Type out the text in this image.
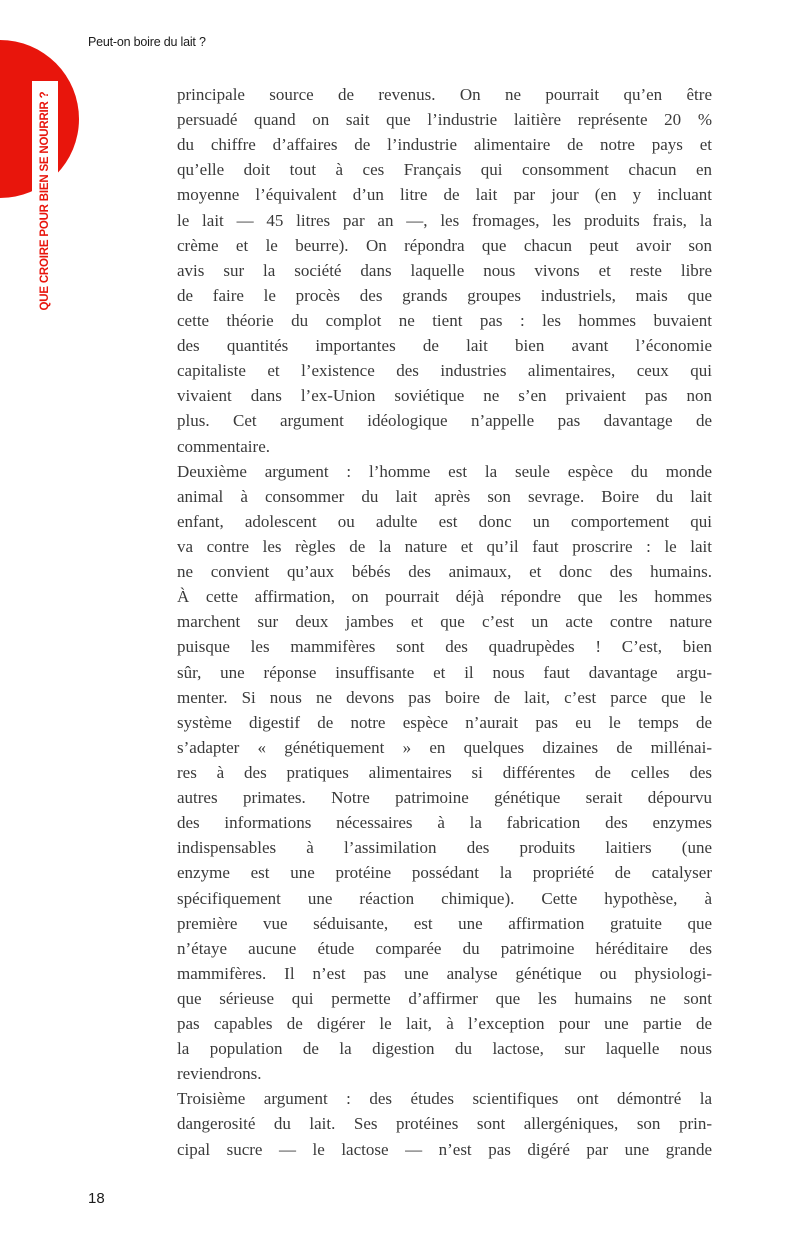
QUE CROIRE POUR BIEN SE NOURRIR ?
Peut-on boire du lait ?
principale source de revenus. On ne pourrait qu’en être
persuadé quand on sait que l’industrie laitière représente 20 %
du chiffre d’affaires de l’industrie alimentaire de notre pays et
qu’elle doit tout à ces Français qui consomment chacun en
moyenne l’équivalent d’un litre de lait par jour (en y incluant
le lait — 45 litres par an —, les fromages, les produits frais, la
crème et le beurre). On répondra que chacun peut avoir son
avis sur la société dans laquelle nous vivons et reste libre
de faire le procès des grands groupes industriels, mais que
cette théorie du complot ne tient pas : les hommes buvaient
des quantités importantes de lait bien avant l’économie
capitaliste et l’existence des industries alimentaires, ceux qui
vivaient dans l’ex-Union soviétique ne s’en privaient pas non
plus. Cet argument idéologique n’appelle pas davantage de
commentaire.
Deuxième argument : l’homme est la seule espèce du monde
animal à consommer du lait après son sevrage. Boire du lait
enfant, adolescent ou adulte est donc un comportement qui
va contre les règles de la nature et qu’il faut proscrire : le lait
ne convient qu’aux bébés des animaux, et donc des humains.
À cette affirmation, on pourrait déjà répondre que les hommes
marchent sur deux jambes et que c’est un acte contre nature
puisque les mammifères sont des quadrupèdes ! C’est, bien
sûr, une réponse insuffisante et il nous faut davantage argu-
menter. Si nous ne devons pas boire de lait, c’est parce que le
système digestif de notre espèce n’aurait pas eu le temps de
s’adapter « génétiquement » en quelques dizaines de millénai-
res à des pratiques alimentaires si différentes de celles des
autres primates. Notre patrimoine génétique serait dépourvu
des informations nécessaires à la fabrication des enzymes
indispensables à l’assimilation des produits laitiers (une
enzyme est une protéine possédant la propriété de catalyser
spécifiquement une réaction chimique). Cette hypothèse, à
première vue séduisante, est une affirmation gratuite que
n’étaye aucune étude comparée du patrimoine héréditaire des
mammifères. Il n’est pas une analyse génétique ou physiologi-
que sérieuse qui permette d’affirmer que les humains ne sont
pas capables de digérer le lait, à l’exception pour une partie de
la population de la digestion du lactose, sur laquelle nous
reviendrons.
Troisième argument : des études scientifiques ont démontré la
dangerosité du lait. Ses protéines sont allergéniques, son prin-
cipal sucre — le lactose — n’est pas digéré par une grande
18
